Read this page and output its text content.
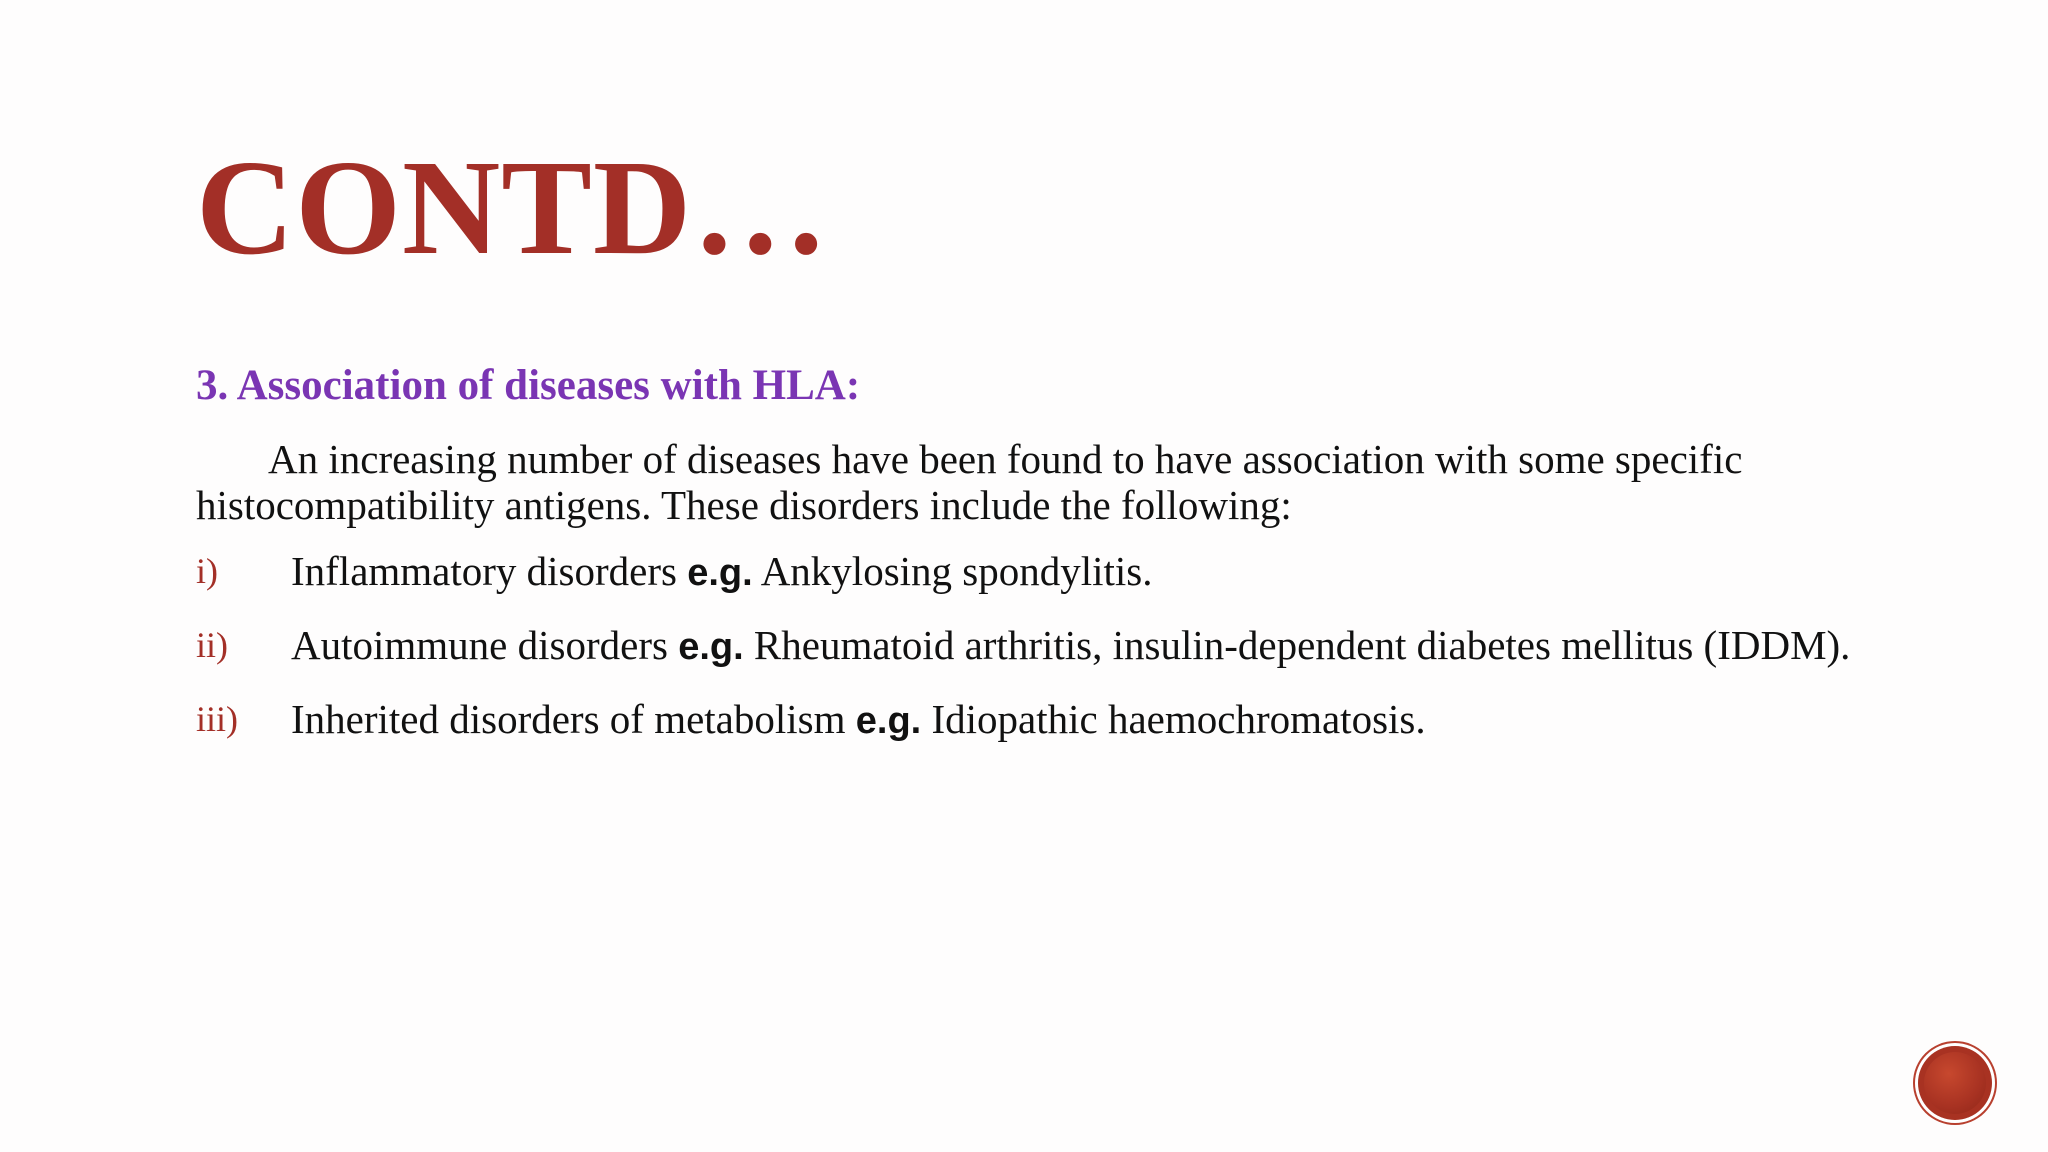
CONTD…
3. Association of diseases with HLA:

An increasing number of diseases have been found to have association with some specific histocompatibility antigens. These disorders include the following:

i)	Inflammatory disorders e.g. Ankylosing spondylitis.
ii)	Autoimmune disorders e.g. Rheumatoid arthritis, insulin-dependent diabetes mellitus (IDDM).
iii)	Inherited disorders of metabolism e.g. Idiopathic haemochromatosis.
